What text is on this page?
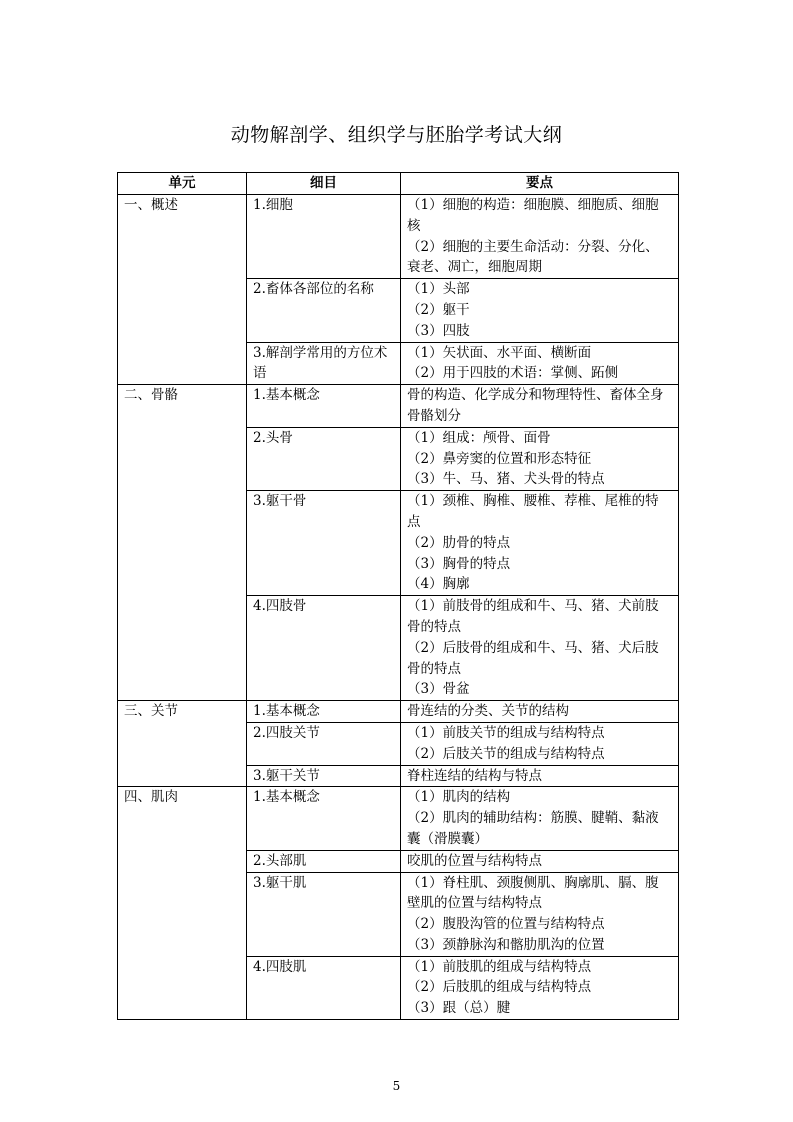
动物解剖学、组织学与胚胎学考试大纲
单元	细目	要点
一、概述	1.细胞	（1）细胞的构造：细胞膜、细胞质、细胞核
（2）细胞的主要生命活动：分裂、分化、衰老、凋亡，细胞周期

	2.畜体各部位的名称	（1）头部
（2）躯干
（3）四肢

	3.解剖学常用的方位术语	（1）矢状面、水平面、横断面
（2）用于四肢的术语：掌侧、跖侧

二、骨骼	1.基本概念	骨的构造、化学成分和物理特性、畜体全身骨骼划分

	2.头骨	（1）组成：颅骨、面骨
（2）鼻旁窦的位置和形态特征
（3）牛、马、猪、犬头骨的特点

	3.躯干骨	（1）颈椎、胸椎、腰椎、荐椎、尾椎的特点
（2）肋骨的特点
（3）胸骨的特点
（4）胸廓

	4.四肢骨	（1）前肢骨的组成和牛、马、猪、犬前肢骨的特点
（2）后肢骨的组成和牛、马、猪、犬后肢骨的特点
（3）骨盆

三、关节	1.基本概念	骨连结的分类、关节的结构

	2.四肢关节	（1）前肢关节的组成与结构特点
（2）后肢关节的组成与结构特点

	3.躯干关节	脊柱连结的结构与特点

四、肌肉	1.基本概念	（1）肌肉的结构
（2）肌肉的辅助结构：筋膜、腱鞘、黏液囊（滑膜囊）

	2.头部肌	咬肌的位置与结构特点

	3.躯干肌	（1）脊柱肌、颈腹侧肌、胸廓肌、膈、腹壁肌的位置与结构特点
（2）腹股沟管的位置与结构特点
（3）颈静脉沟和髂肋肌沟的位置

	4.四肢肌	（1）前肢肌的组成与结构特点
（2）后肢肌的组成与结构特点
（3）跟（总）腱
5
